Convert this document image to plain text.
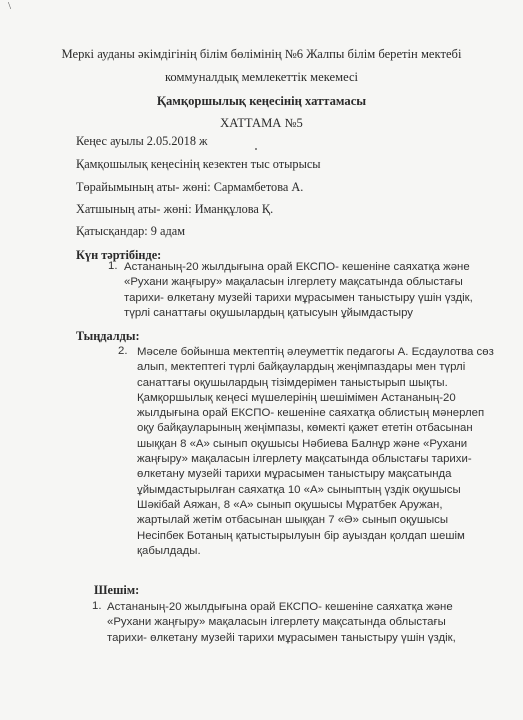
\
Меркі ауданы әкімдігінің білім бөлімінің №6 Жалпы білім беретін мектебі
коммуналдық мемлекеттік мекемесі
Қамқоршылық кеңесінің хаттамасы
ХАТТАМА №5
Кеңес ауылы 2.05.2018 ж
Қамқошылық кеңесінің кезектен тыс отырысы
Төрайымының аты- жөні: Сармамбетова А.
Хатшының аты- жөні: Иманқұлова Қ.
Қатысқандар: 9 адам
Күн тәртібінде:
1. Астананың-20 жылдығына орай ЕКСПО- кешеніне саяхатқа және
«Рухани жаңғыру» мақаласын ілгерлету мақсатында облыстағы
тарихи- өлкетану музейі тарихи мұрасымен таныстыру үшін үздік,
түрлі санаттағы оқушылардың қатысуын ұйымдастыру
Тыңдалды:
2. Мәселе бойынша мектептің әлеуметтік педагогы А. Есдаулотва сөз
алып, мектептегі түрлі байқаулардың жеңімпаздары мен түрлі
санаттағы оқушылардың тізімдерімен таныстырып шықты.
Қамқоршылық кеңесі мүшелерінің шешімімен Астананың-20
жылдығына орай ЕКСПО- кешеніне саяхатқа облистың мәнерлеп
оқу байқауларының жеңімпазы, көмекті қажет ететін отбасынан
шыққан 8 «А» сынып оқушысы Нәбиева Балнұр және «Рухани
жаңғыру» мақаласын ілгерлету мақсатында облыстағы тарихи-
өлкетану музейі тарихи мұрасымен таныстыру мақсатында
ұйымдастырылған саяхатқа 10 «А» сыныптың үздік оқушысы
Шәкібай Аяжан, 8 «А» сынып оқушысы Мұратбек Аружан,
жартылай жетім отбасынан шыққан 7 «Ә» сынып оқушысы
Несіпбек Ботаның қатыстырылуын бір ауыздан қолдап шешім
қабылдады.
Шешім:
1. Астананың-20 жылдығына орай ЕКСПО- кешеніне саяхатқа және
«Рухани жаңғыру» мақаласын ілгерлету мақсатында облыстағы
тарихи- өлкетану музейі тарихи мұрасымен таныстыру үшін үздік,
